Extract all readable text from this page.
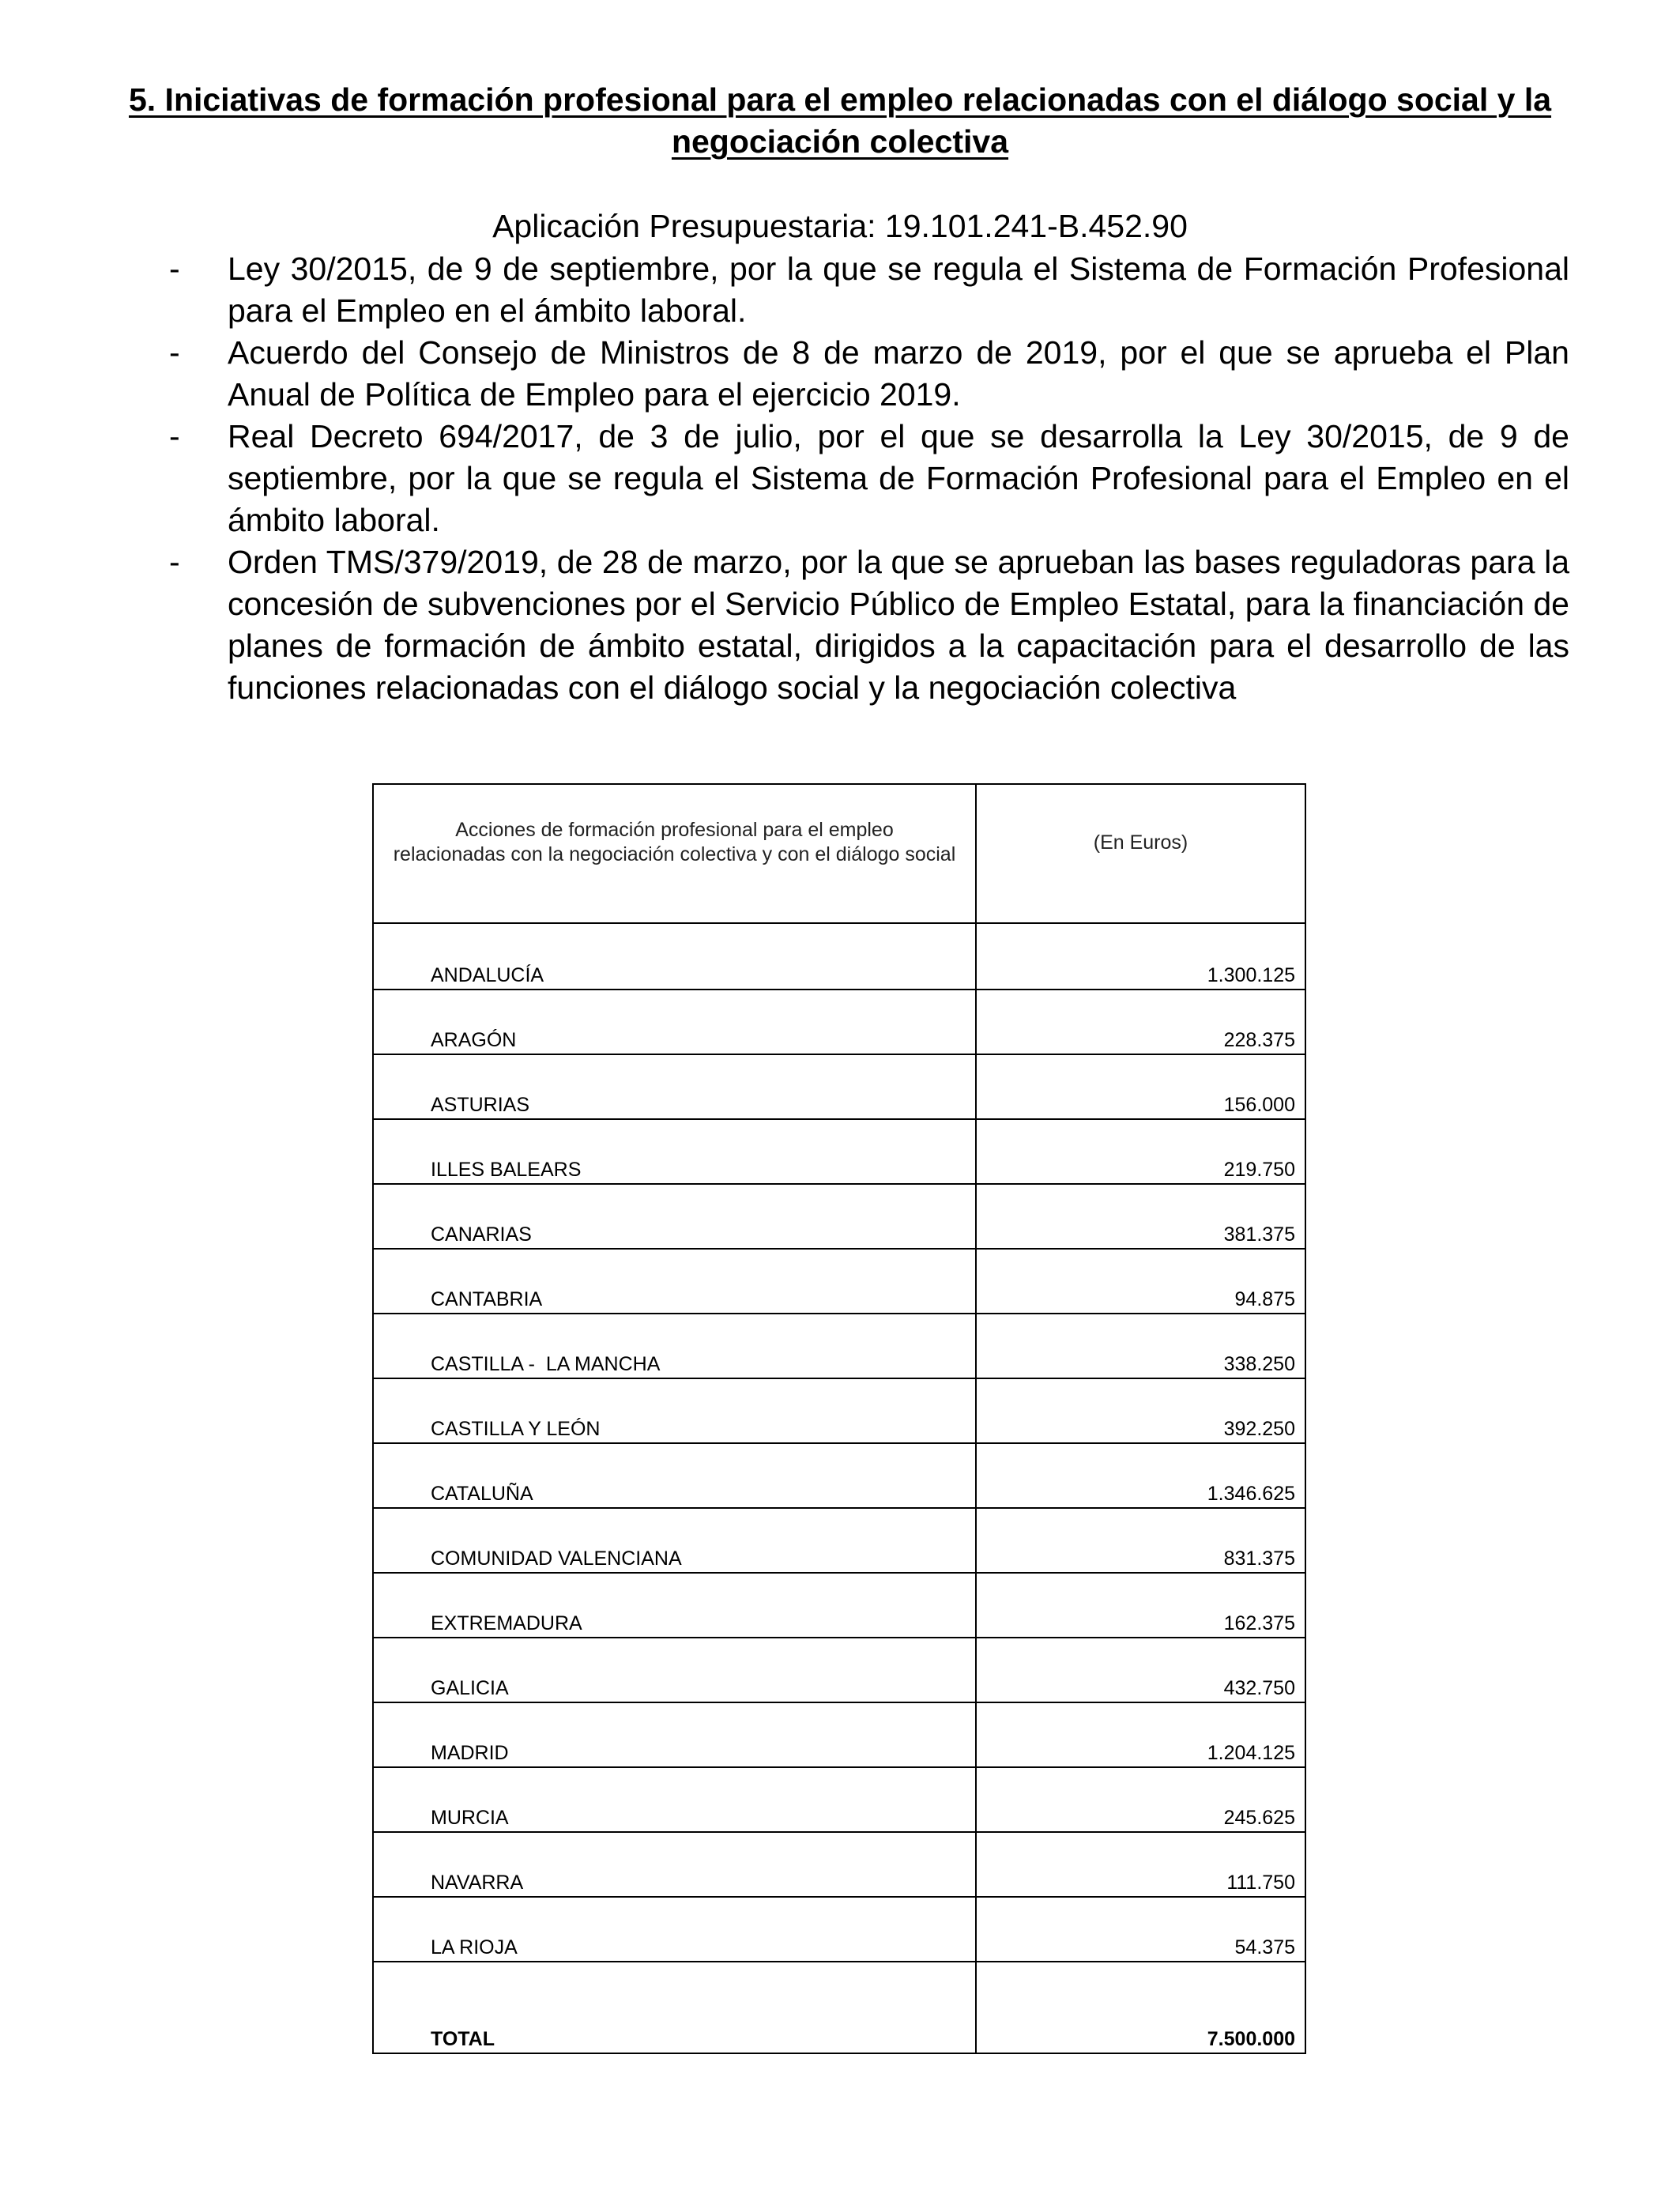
5. Iniciativas de formación profesional para el empleo relacionadas con el diálogo social y la negociación colectiva
Aplicación Presupuestaria: 19.101.241-B.452.90
- Ley 30/2015, de 9 de septiembre, por la que se regula el Sistema de Formación Profesional para el Empleo en el ámbito laboral.
- Acuerdo del Consejo de Ministros de 8 de marzo de 2019, por el que se aprueba el Plan Anual de Política de Empleo para el ejercicio 2019.
- Real Decreto 694/2017, de 3 de julio, por el que se desarrolla la Ley 30/2015, de 9 de septiembre, por la que se regula el Sistema de Formación Profesional para el Empleo en el ámbito laboral.
- Orden TMS/379/2019, de 28 de marzo, por la que se aprueban las bases reguladoras para la concesión de subvenciones por el Servicio Público de Empleo Estatal, para la financiación de planes de formación de ámbito estatal, dirigidos a la capacitación para el desarrollo de las funciones relacionadas con el diálogo social y la negociación colectiva
Acciones de formación profesional para el empleo
relacionadas con la negociación colectiva y con el diálogo social	(En Euros)
ANDALUCÍA	1.300.125
ARAGÓN	228.375
ASTURIAS	156.000
ILLES BALEARS	219.750
CANARIAS	381.375
CANTABRIA	94.875
CASTILLA -  LA MANCHA	338.250
CASTILLA Y LEÓN	392.250
CATALUÑA	1.346.625
COMUNIDAD VALENCIANA	831.375
EXTREMADURA	162.375
GALICIA	432.750
MADRID	1.204.125
MURCIA	245.625
NAVARRA	111.750
LA RIOJA	54.375
TOTAL	7.500.000
